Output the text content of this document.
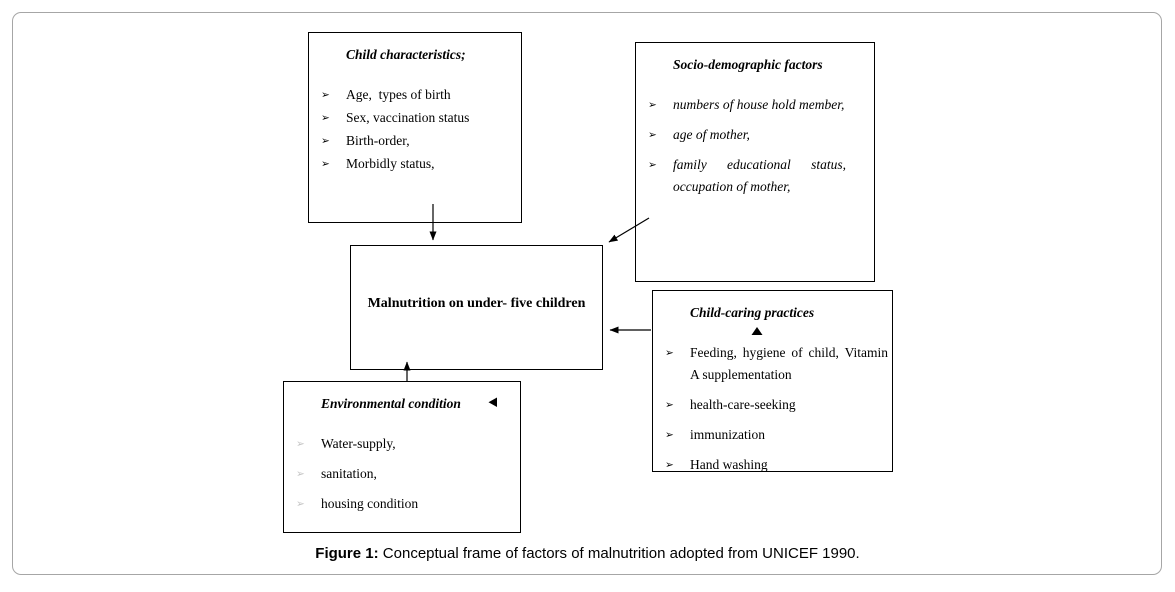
Child characteristics;
➢	Age,  types of birth
➢	Sex, vaccination status
➢	Birth-order,
➢	Morbidly status,
Socio-demographic factors
➢	numbers of house hold member,
➢	age of mother,
➢	family educational status, occupation of mother,
Malnutrition on under- five children
Child-caring practices
➢	Feeding, hygiene of child, Vitamin A supplementation
➢	health-care-seeking
➢	immunization
➢	Hand washing
Environmental condition
➢	Water-supply,
➢	sanitation,
➢	housing condition
Figure 1: Conceptual frame of factors of malnutrition adopted from UNICEF 1990.
